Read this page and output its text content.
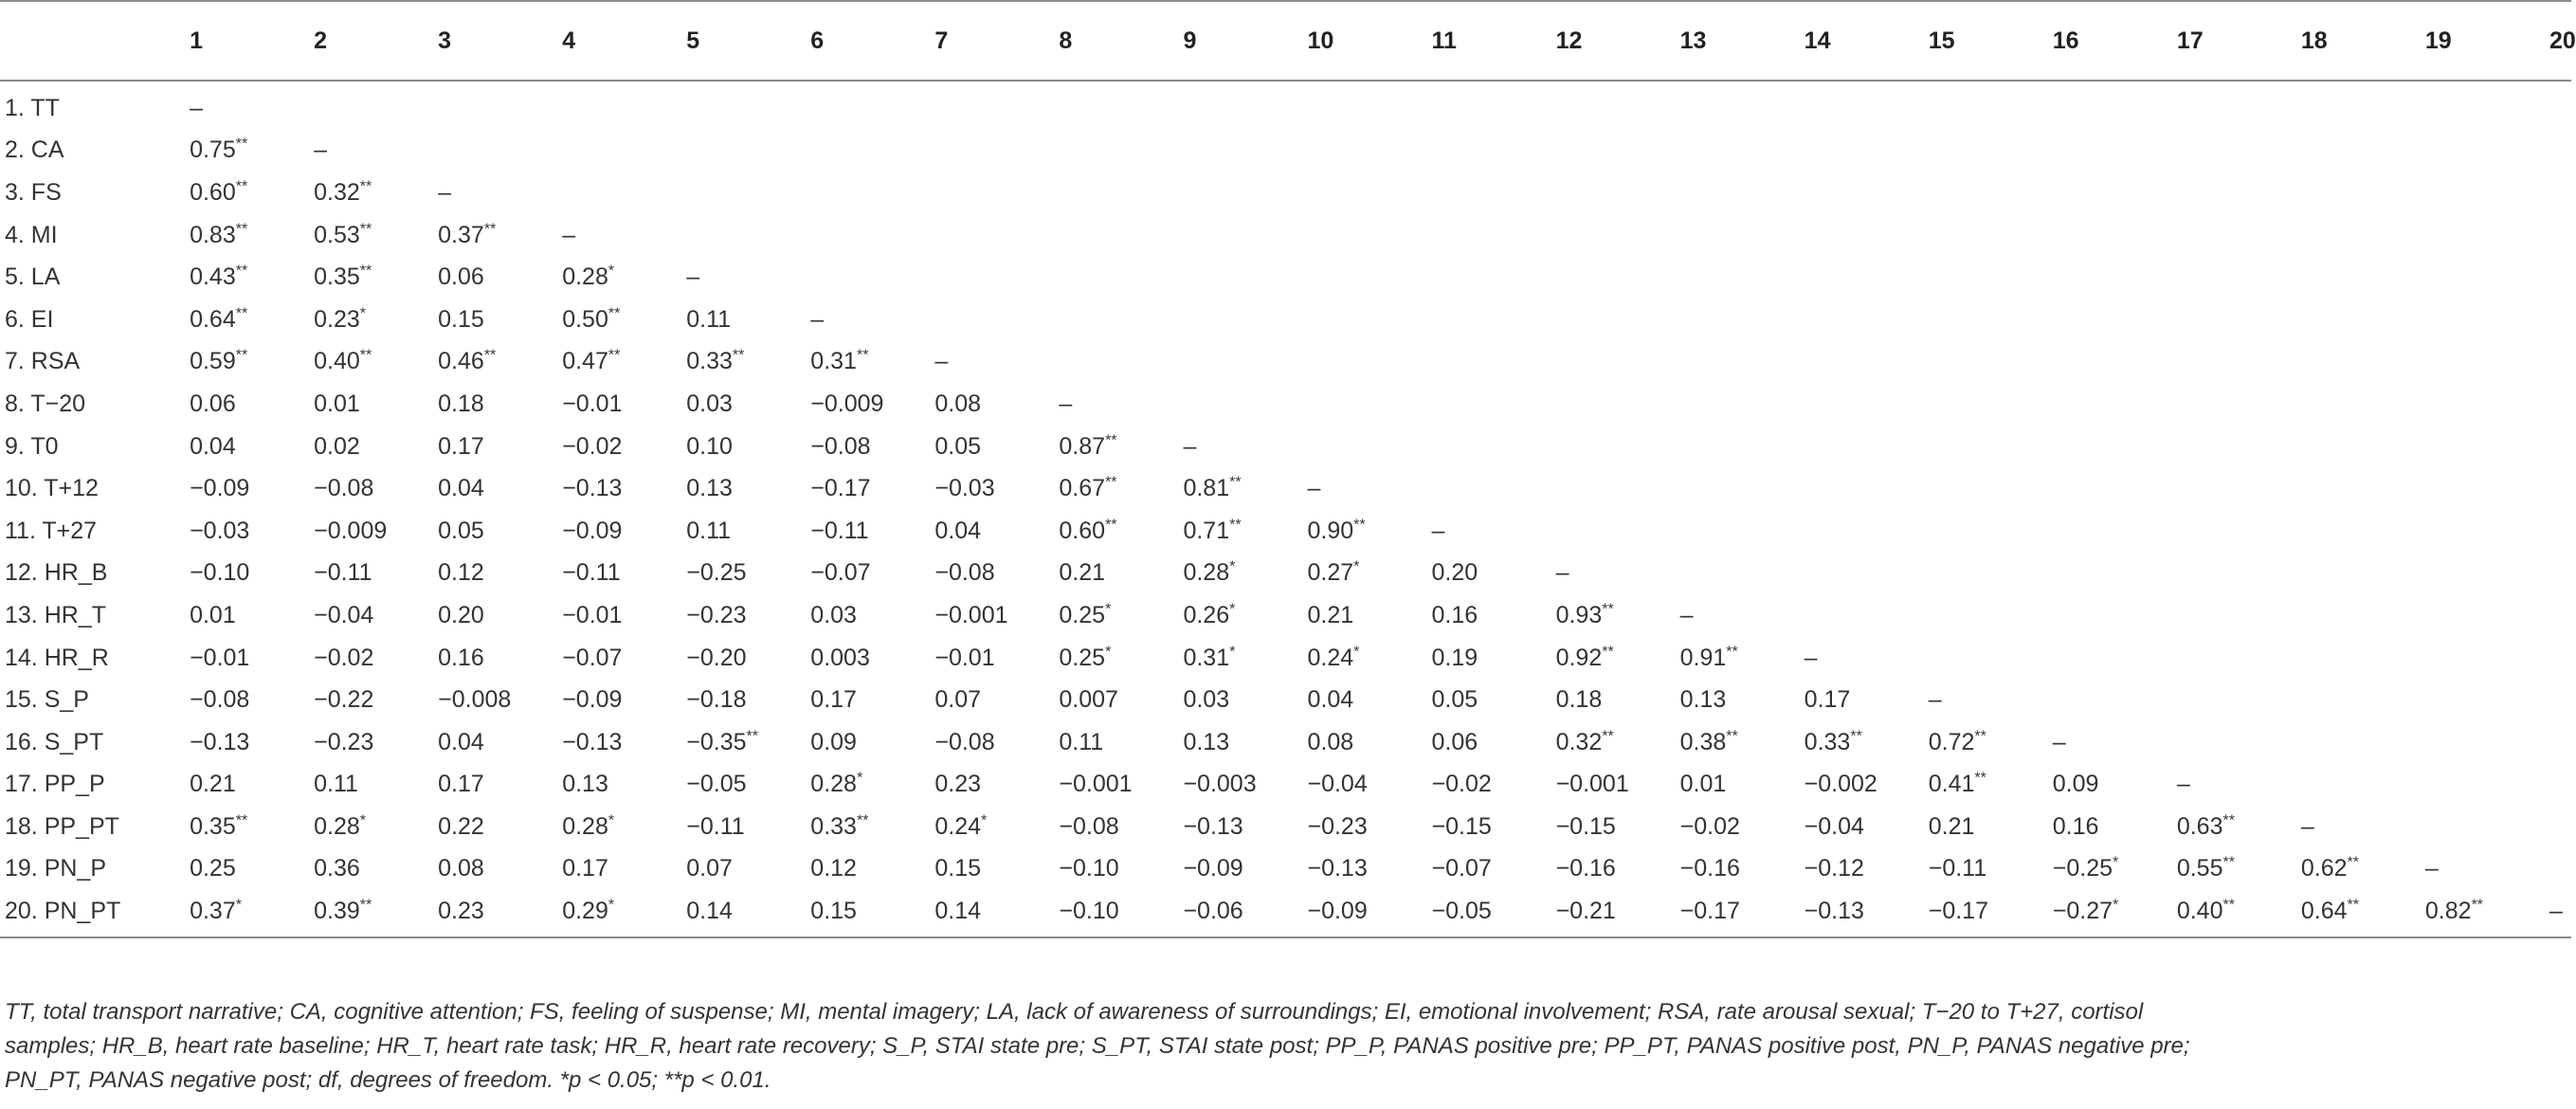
	1	2	3	4	5	6	7	8	9	10	11	12	13	14	15	16	17	18	19	20
1. TT	–																			
2. CA	0.75**	–																		
3. FS	0.60**	0.32**	–																	
4. MI	0.83**	0.53**	0.37**	–																
5. LA	0.43**	0.35**	0.06	0.28*	–															
6. EI	0.64**	0.23*	0.15	0.50**	0.11	–														
7. RSA	0.59**	0.40**	0.46**	0.47**	0.33**	0.31**	–													
8. T−20	0.06	0.01	0.18	−0.01	0.03	−0.009	0.08	–												
9. T0	0.04	0.02	0.17	−0.02	0.10	−0.08	0.05	0.87**	–											
10. T+12	−0.09	−0.08	0.04	−0.13	0.13	−0.17	−0.03	0.67**	0.81**	–										
11. T+27	−0.03	−0.009	0.05	−0.09	0.11	−0.11	0.04	0.60**	0.71**	0.90**	–									
12. HR_B	−0.10	−0.11	0.12	−0.11	−0.25	−0.07	−0.08	0.21	0.28*	0.27*	0.20	–								
13. HR_T	0.01	−0.04	0.20	−0.01	−0.23	0.03	−0.001	0.25*	0.26*	0.21	0.16	0.93**	–							
14. HR_R	−0.01	−0.02	0.16	−0.07	−0.20	0.003	−0.01	0.25*	0.31*	0.24*	0.19	0.92**	0.91**	–						
15. S_P	−0.08	−0.22	−0.008	−0.09	−0.18	0.17	0.07	0.007	0.03	0.04	0.05	0.18	0.13	0.17	–					
16. S_PT	−0.13	−0.23	0.04	−0.13	−0.35**	0.09	−0.08	0.11	0.13	0.08	0.06	0.32**	0.38**	0.33**	0.72**	–				
17. PP_P	0.21	0.11	0.17	0.13	−0.05	0.28*	0.23	−0.001	−0.003	−0.04	−0.02	−0.001	0.01	−0.002	0.41**	0.09	–			
18. PP_PT	0.35**	0.28*	0.22	0.28*	−0.11	0.33**	0.24*	−0.08	−0.13	−0.23	−0.15	−0.15	−0.02	−0.04	0.21	0.16	0.63**	–		
19. PN_P	0.25	0.36	0.08	0.17	0.07	0.12	0.15	−0.10	−0.09	−0.13	−0.07	−0.16	−0.16	−0.12	−0.11	−0.25*	0.55**	0.62**	–	
20. PN_PT	0.37*	0.39**	0.23	0.29*	0.14	0.15	0.14	−0.10	−0.06	−0.09	−0.05	−0.21	−0.17	−0.13	−0.17	−0.27*	0.40**	0.64**	0.82**	–
TT, total transport narrative; CA, cognitive attention; FS, feeling of suspense; MI, mental imagery; LA, lack of awareness of surroundings; EI, emotional involvement; RSA, rate arousal sexual; T−20 to T+27, cortisol
samples; HR_B, heart rate baseline; HR_T, heart rate task; HR_R, heart rate recovery; S_P, STAI state pre; S_PT, STAI state post; PP_P, PANAS positive pre; PP_PT, PANAS positive post, PN_P, PANAS negative pre;
PN_PT, PANAS negative post; df, degrees of freedom. *p < 0.05; **p < 0.01.
